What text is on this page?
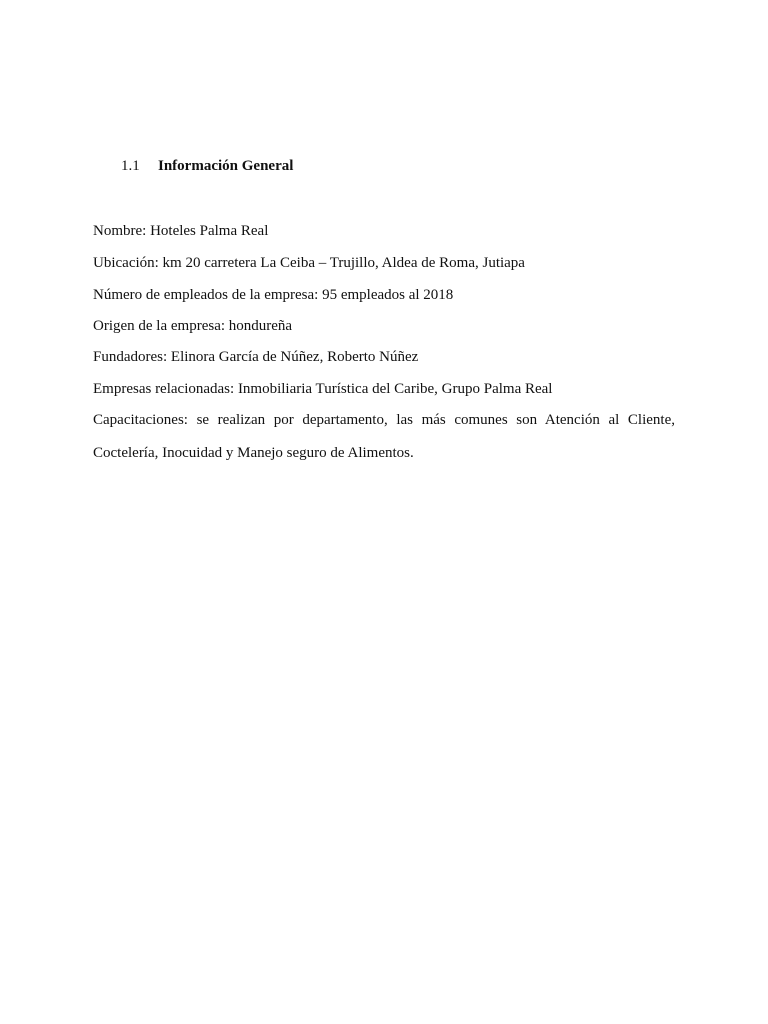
1.1 Información General
Nombre: Hoteles Palma Real
Ubicación: km 20 carretera La Ceiba – Trujillo, Aldea de Roma, Jutiapa
Número de empleados de la empresa: 95 empleados al 2018
Origen de la empresa: hondureña
Fundadores: Elinora García de Núñez, Roberto Núñez
Empresas relacionadas: Inmobiliaria Turística del Caribe, Grupo Palma Real
Capacitaciones: se realizan por departamento, las más comunes son Atención al Cliente,
Coctelería, Inocuidad y Manejo seguro de Alimentos.
